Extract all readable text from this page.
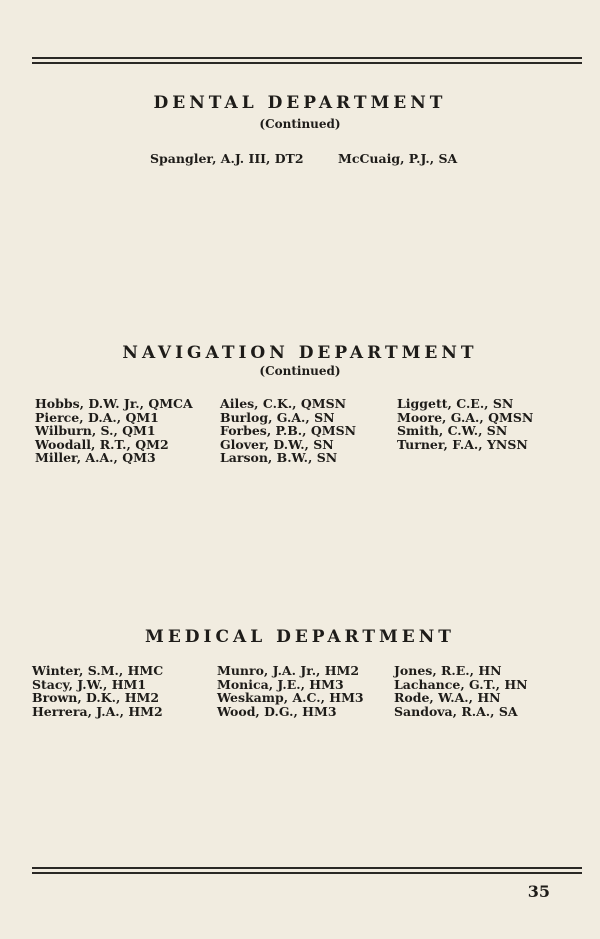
DENTAL DEPARTMENT
(Continued)
Spangler, A.J. III, DT2	McCuaig, P.J., SA
NAVIGATION DEPARTMENT
(Continued)
Hobbs, D.W. Jr., QMCA
Pierce, D.A., QM1
Wilburn, S., QM1
Woodall, R.T., QM2
Miller, A.A., QM3
Ailes, C.K., QMSN
Burlog, G.A., SN
Forbes, P.B., QMSN
Glover, D.W., SN
Larson, B.W., SN
Liggett, C.E., SN
Moore, G.A., QMSN
Smith, C.W., SN
Turner, F.A., YNSN
MEDICAL DEPARTMENT
Winter, S.M., HMC
Stacy, J.W., HM1
Brown, D.K., HM2
Herrera, J.A., HM2
Munro, J.A. Jr., HM2
Monica, J.E., HM3
Weskamp, A.C., HM3
Wood, D.G., HM3
Jones, R.E., HN
Lachance, G.T., HN
Rode, W.A., HN
Sandova, R.A., SA
35
